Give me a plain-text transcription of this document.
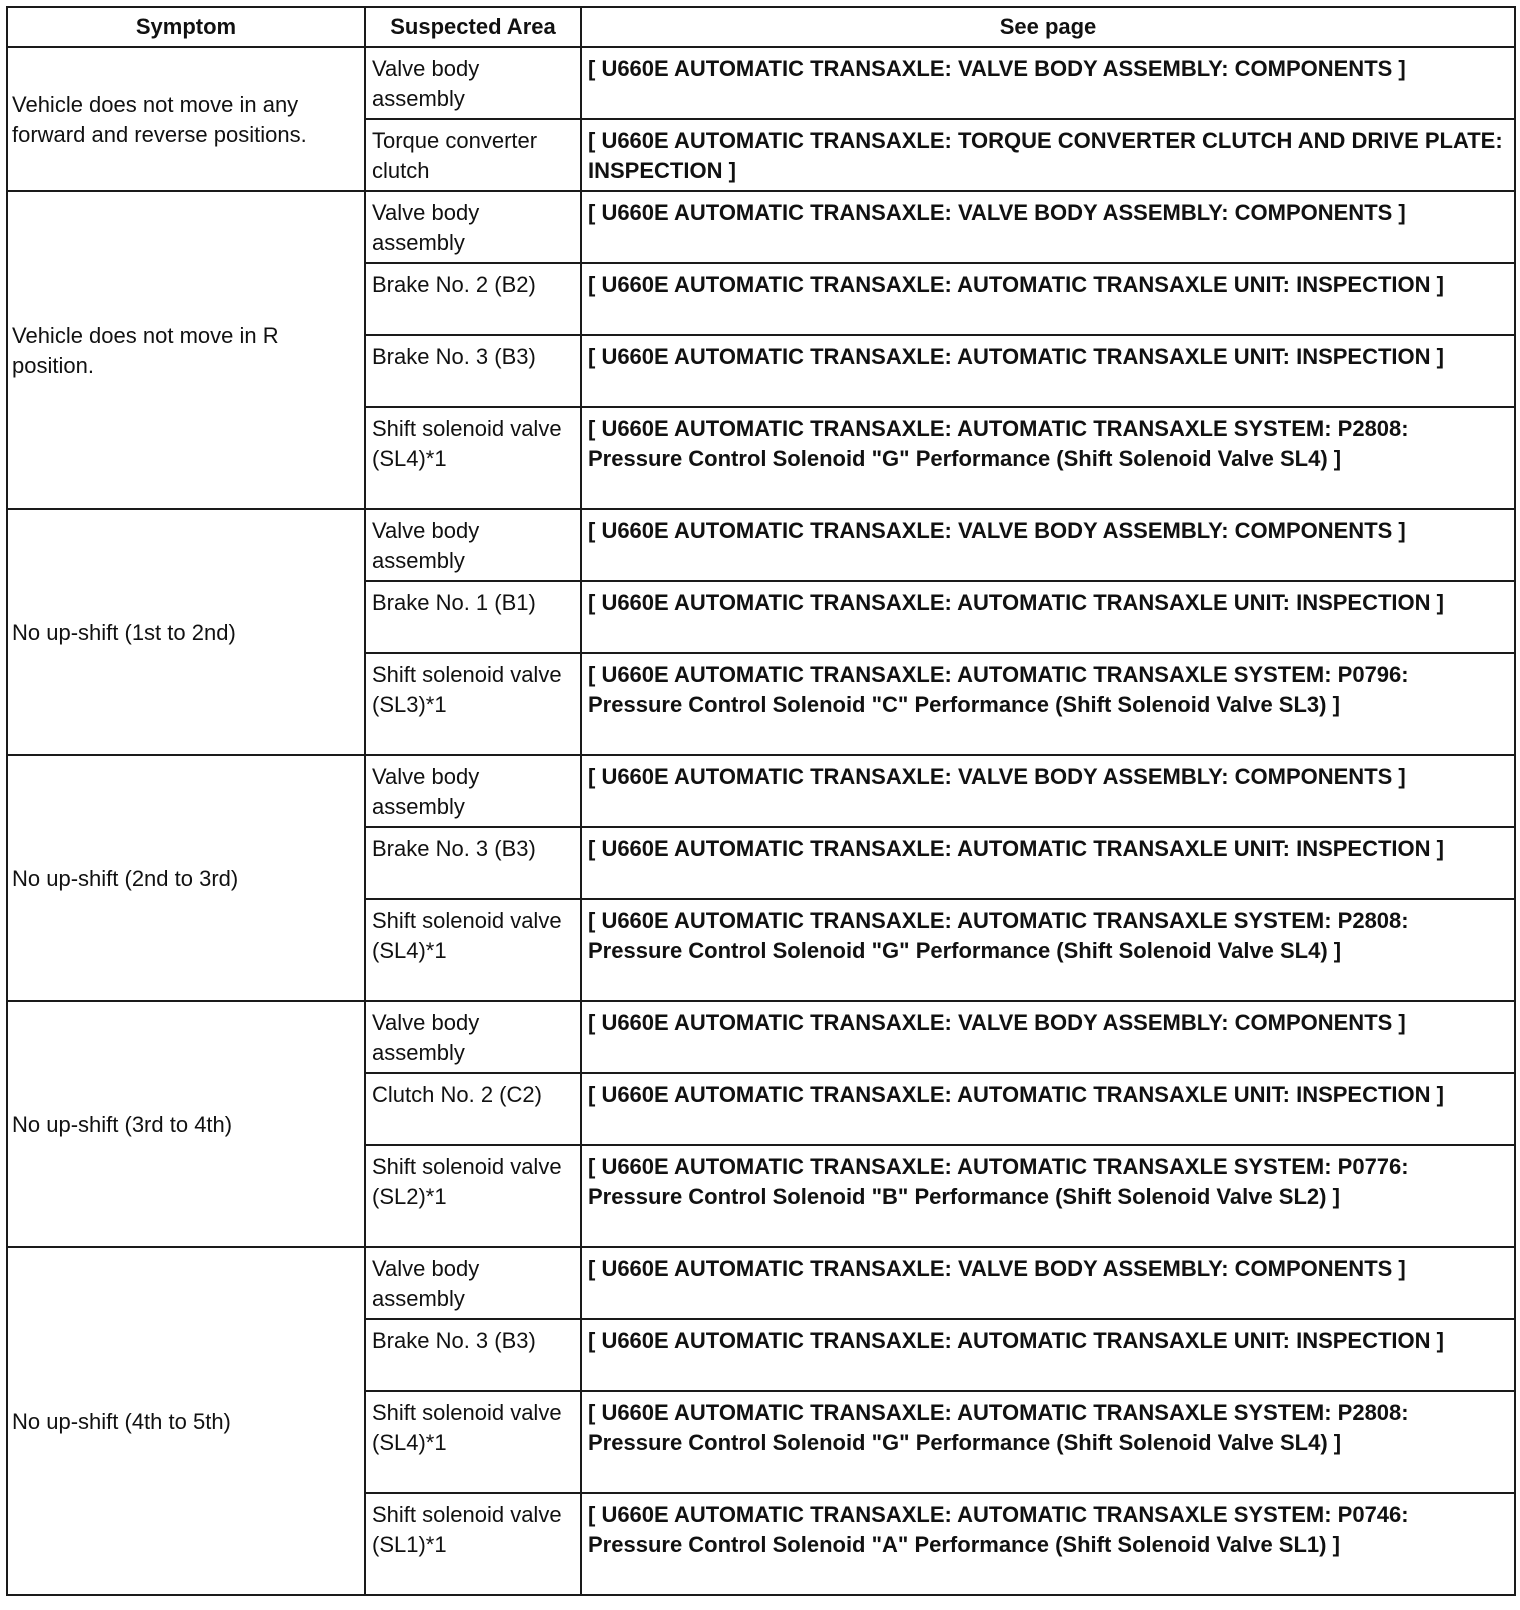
Symptom	Suspected Area	See page
Vehicle does not move in any forward and reverse positions.	Valve body assembly	[ U660E AUTOMATIC TRANSAXLE: VALVE BODY ASSEMBLY: COMPONENTS ]
	Torque converter clutch	[ U660E AUTOMATIC TRANSAXLE: TORQUE CONVERTER CLUTCH AND DRIVE PLATE: INSPECTION ]
Vehicle does not move in R position.	Valve body assembly	[ U660E AUTOMATIC TRANSAXLE: VALVE BODY ASSEMBLY: COMPONENTS ]
	Brake No. 2 (B2)	[ U660E AUTOMATIC TRANSAXLE: AUTOMATIC TRANSAXLE UNIT: INSPECTION ]
	Brake No. 3 (B3)	[ U660E AUTOMATIC TRANSAXLE: AUTOMATIC TRANSAXLE UNIT: INSPECTION ]
	Shift solenoid valve (SL4)*1	[ U660E AUTOMATIC TRANSAXLE: AUTOMATIC TRANSAXLE SYSTEM: P2808: Pressure Control Solenoid "G" Performance (Shift Solenoid Valve SL4) ]
No up-shift (1st to 2nd)	Valve body assembly	[ U660E AUTOMATIC TRANSAXLE: VALVE BODY ASSEMBLY: COMPONENTS ]
	Brake No. 1 (B1)	[ U660E AUTOMATIC TRANSAXLE: AUTOMATIC TRANSAXLE UNIT: INSPECTION ]
	Shift solenoid valve (SL3)*1	[ U660E AUTOMATIC TRANSAXLE: AUTOMATIC TRANSAXLE SYSTEM: P0796: Pressure Control Solenoid "C" Performance (Shift Solenoid Valve SL3) ]
No up-shift (2nd to 3rd)	Valve body assembly	[ U660E AUTOMATIC TRANSAXLE: VALVE BODY ASSEMBLY: COMPONENTS ]
	Brake No. 3 (B3)	[ U660E AUTOMATIC TRANSAXLE: AUTOMATIC TRANSAXLE UNIT: INSPECTION ]
	Shift solenoid valve (SL4)*1	[ U660E AUTOMATIC TRANSAXLE: AUTOMATIC TRANSAXLE SYSTEM: P2808: Pressure Control Solenoid "G" Performance (Shift Solenoid Valve SL4) ]
No up-shift (3rd to 4th)	Valve body assembly	[ U660E AUTOMATIC TRANSAXLE: VALVE BODY ASSEMBLY: COMPONENTS ]
	Clutch No. 2 (C2)	[ U660E AUTOMATIC TRANSAXLE: AUTOMATIC TRANSAXLE UNIT: INSPECTION ]
	Shift solenoid valve (SL2)*1	[ U660E AUTOMATIC TRANSAXLE: AUTOMATIC TRANSAXLE SYSTEM: P0776: Pressure Control Solenoid "B" Performance (Shift Solenoid Valve SL2) ]
No up-shift (4th to 5th)	Valve body assembly	[ U660E AUTOMATIC TRANSAXLE: VALVE BODY ASSEMBLY: COMPONENTS ]
	Brake No. 3 (B3)	[ U660E AUTOMATIC TRANSAXLE: AUTOMATIC TRANSAXLE UNIT: INSPECTION ]
	Shift solenoid valve (SL4)*1	[ U660E AUTOMATIC TRANSAXLE: AUTOMATIC TRANSAXLE SYSTEM: P2808: Pressure Control Solenoid "G" Performance (Shift Solenoid Valve SL4) ]
	Shift solenoid valve (SL1)*1	[ U660E AUTOMATIC TRANSAXLE: AUTOMATIC TRANSAXLE SYSTEM: P0746: Pressure Control Solenoid "A" Performance (Shift Solenoid Valve SL1) ]
